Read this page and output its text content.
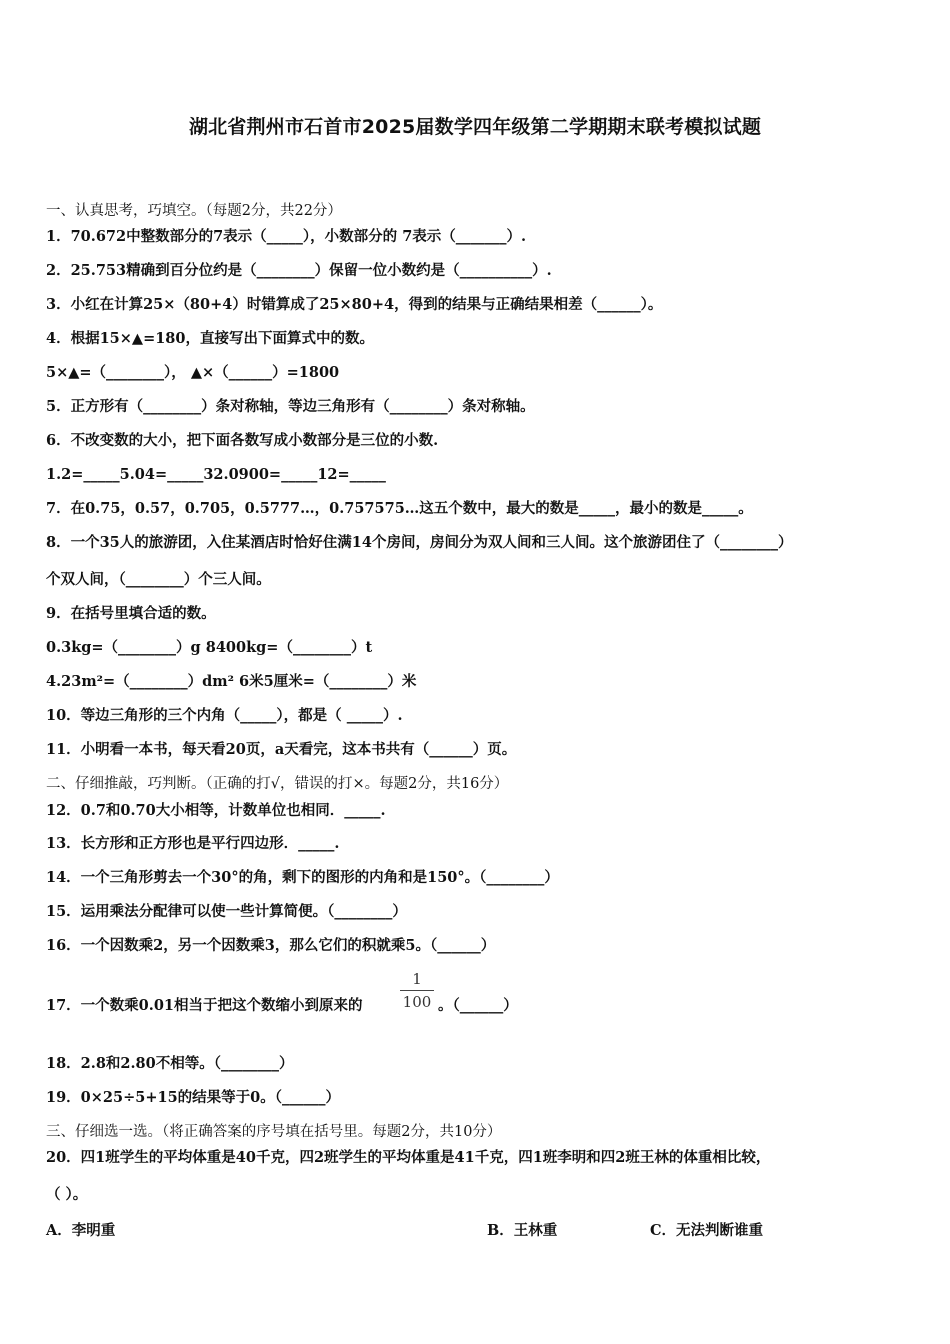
湖北省荆州市石首市2025届数学四年级第二学期期末联考模拟试题
一、认真思考，巧填空。（每题2分，共22分）
1．70.672中整数部分的7表示（_____），小数部分的 7表示（_______）.
2．25.753精确到百分位约是（________）保留一位小数约是（__________）.
3．小红在计算25×（80+4）时错算成了25×80+4，得到的结果与正确结果相差（______）。
4．根据15×▲=180，直接写出下面算式中的数。
5×▲=（________）， ▲×（______）=1800
5．正方形有（________）条对称轴，等边三角形有（________）条对称轴。
6．不改变数的大小，把下面各数写成小数部分是三位的小数.
1.2=_____5.04=_____32.0900=_____12=_____
7．在0.75，0.57，0.705，0.5777…，0.757575…这五个数中，最大的数是_____，最小的数是_____。
8．一个35人的旅游团，入住某酒店时恰好住满14个房间，房间分为双人间和三人间。这个旅游团住了（________）
个双人间，（________）个三人间。
9．在括号里填合适的数。
0.3kg=（________）g 8400kg=（________）t
4.23m²=（________）dm² 6米5厘米=（________）米
10．等边三角形的三个内角（_____），都是（ _____）.
11．小明看一本书，每天看20页，a天看完，这本书共有（______）页。
二、仔细推敲，巧判断。（正确的打√，错误的打×。每题2分，共16分）
12．0.7和0.70大小相等，计数单位也相同．_____.
13．长方形和正方形也是平行四边形．_____.
14．一个三角形剪去一个30°的角，剩下的图形的内角和是150°。（________）
15．运用乘法分配律可以使一些计算简便。（________）
16．一个因数乘2，另一个因数乘3，那么它们的积就乘5。（______）
17．一个数乘0.01相当于把这个数缩小到原来的
1
100 。（______）
18．2.8和2.80不相等。（________）
19．0×25÷5+15的结果等于0。（______）
三、仔细选一选。（将正确答案的序号填在括号里。每题2分，共10分）
20．四1班学生的平均体重是40千克，四2班学生的平均体重是41千克，四1班李明和四2班王林的体重相比较，
（ ）。
A．李明重	B．王林重	C．无法判断谁重
